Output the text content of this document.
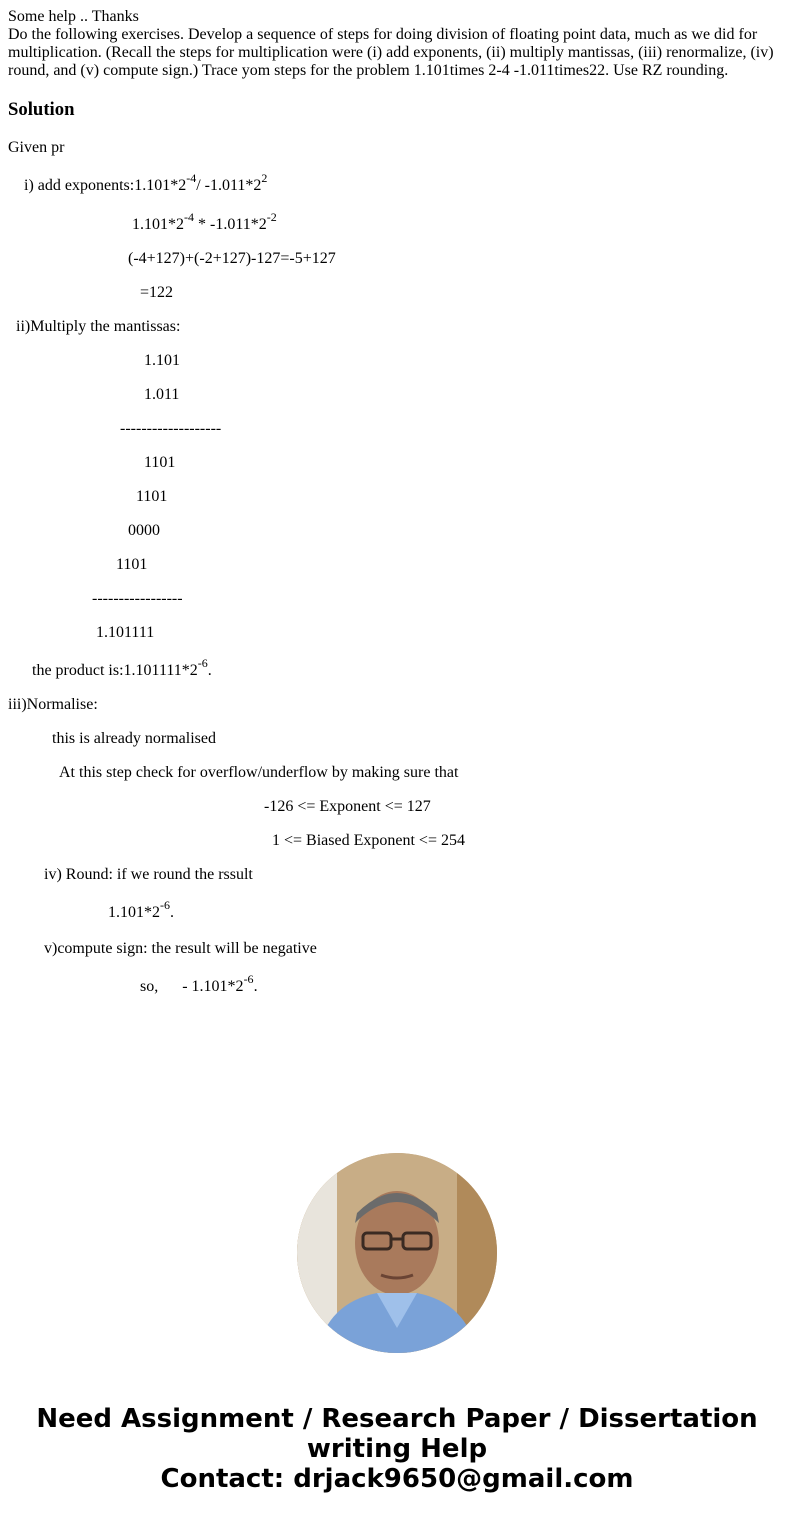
Some help .. Thanks
Do the following exercises. Develop a sequence of steps for doing division of floating point data, much as we did for multiplication. (Recall the steps for multiplication were (i) add exponents, (ii) multiply mantissas, (iii) renormalize, (iv) round, and (v) compute sign.) Trace yom steps for the problem 1.101times 2-4 -1.011times22. Use RZ rounding.
Solution
Given pr
i) add $exponents:1.101*2^{-4}/$ $-1.011*2^2$
$1.101*2^{-4} * -1.011*2^{-2}$
(-4+127)+(-2+127)-127=-5+127
=122
ii)Multiply the mantissas:
1.101
1.011
-------------------
1101
1101
0000
1101
-----------------
1.101111
the product $is:1.101111*2^{-6}$.
iii)Normalise:
this is already normalised
At this step check for overflow/underflow by making sure that
-126 <= Exponent <= 127
1 <= Biased Exponent <= 254
iv) Round: if we round the rssult
$1.101*2^{-6}$.
v)compute sign: the result will be negative
so,      - $1.101*2^{-6}$.
Need Assignment / Research Paper / Dissertation
writing Help
Contact: drjack9650@gmail.com
